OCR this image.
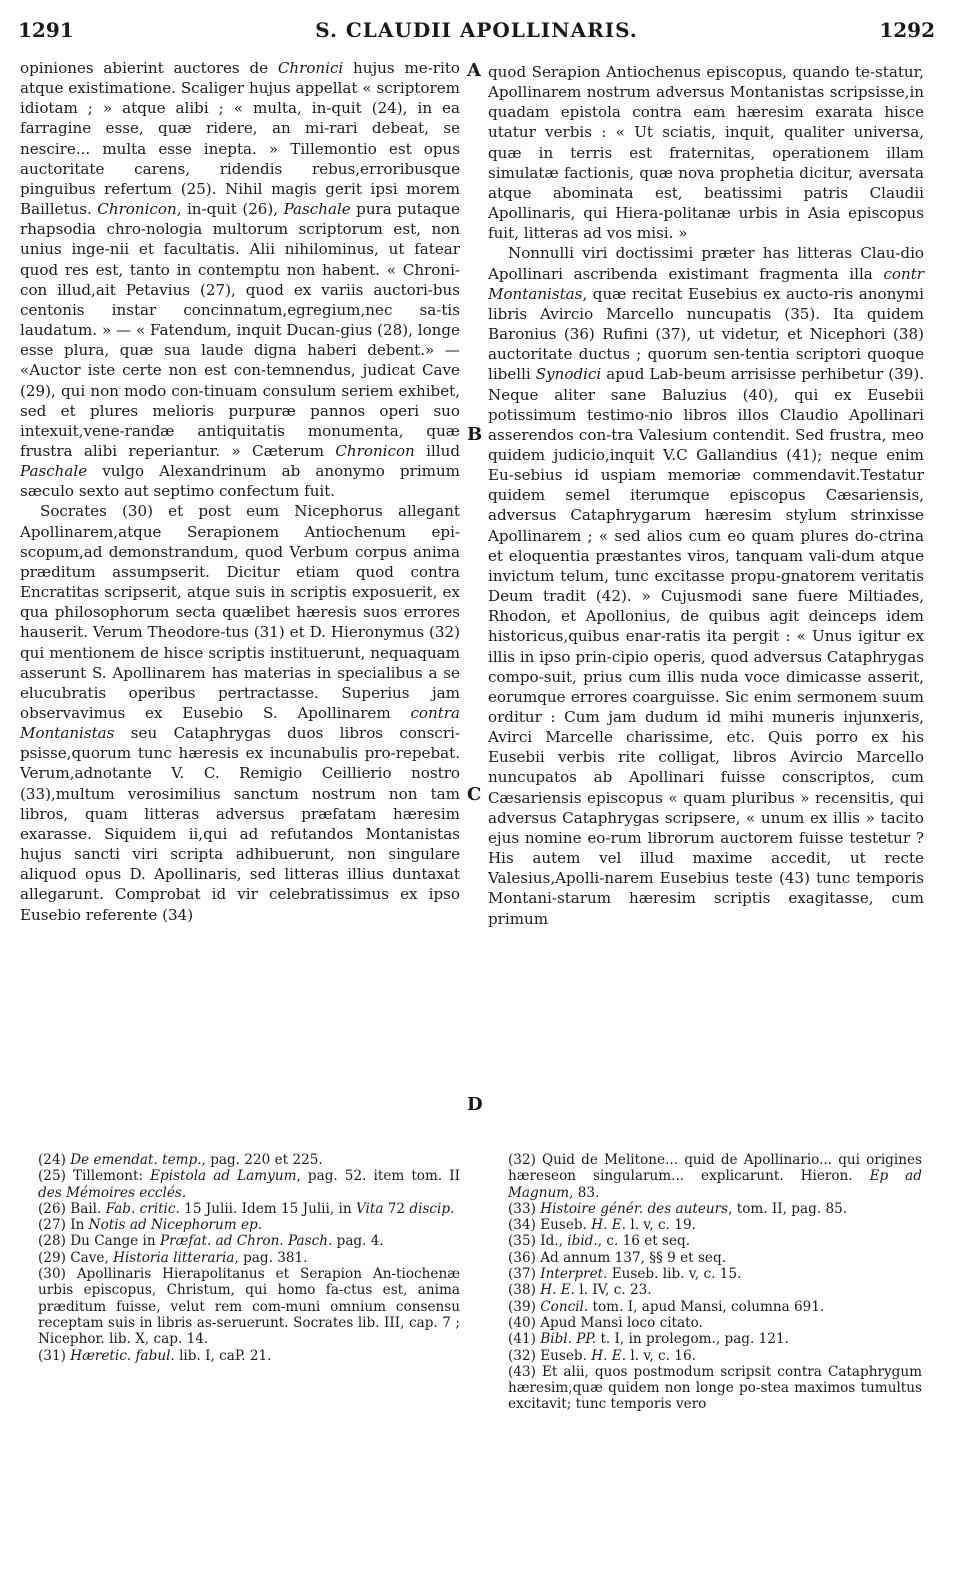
1291	S. CLAUDII APOLLINARIS.	1292
A
B
C
D

opiniones abierint auctores de Chronici hujus me-rito atque existimatione. Scaliger hujus appellat « scriptorem idiotam ; » atque alibi ; « multa, in-quit (24), in ea farragine esse, quæ ridere, an mi-rari debeat, se nescire... multa esse inepta. » Tillemontio est opus auctoritate carens, ridendis rebus,erroribusque pinguibus refertum (25). Nihil magis gerit ipsi morem Bailletus. Chronicon, in-quit (26), Paschale pura putaque rhapsodia chro-nologia multorum scriptorum est, non unius inge-nii et facultatis. Alii nihilominus, ut fatear quod res est, tanto in contemptu non habent. « Chroni-con illud,ait Petavius (27), quod ex variis auctori-bus centonis instar concinnatum,egregium,nec sa-tis laudatum. » — « Fatendum, inquit Ducan-gius (28), longe esse plura, quæ sua laude digna haberi debent.» — «Auctor iste certe non est con-temnendus, judicat Cave (29), qui non modo con-tinuam consulum seriem exhibet, sed et plures melioris purpuræ pannos operi suo intexuit,vene-randæ antiquitatis monumenta, quæ frustra alibi reperiantur. » Cæterum Chronicon illud Paschale vulgo Alexandrinum ab anonymo primum sæculo sexto aut septimo confectum fuit.

Socrates (30) et post eum Nicephorus allegant Apollinarem,atque Serapionem Antiochenum epi-scopum,ad demonstrandum, quod Verbum corpus anima præditum assumpserit. Dicitur etiam quod contra Encratitas scripserit, atque suis in scriptis exposuerit, ex qua philosophorum secta quælibet hæresis suos errores hauserit. Verum Theodore-tus (31) et D. Hieronymus (32) qui mentionem de hisce scriptis instituerunt, nequaquam asserunt S. Apollinarem has materias in specialibus a se elucubratis operibus pertractasse. Superius jam observavimus ex Eusebio S. Apollinarem contra Montanistas seu Cataphrygas duos libros conscri-psisse,quorum tunc hæresis ex incunabulis pro-repebat. Verum,adnotante V. C. Remigio Ceillierio nostro (33),multum verosimilius sanctum nostrum non tam libros, quam litteras adversus præfatam hæresim exarasse. Siquidem ii,qui ad refutandos Montanistas hujus sancti viri scripta adhibuerunt, non singulare aliquod opus D. Apollinaris, sed litteras illius duntaxat allegarunt. Comprobat id vir celebratissimus ex ipso Eusebio referente (34)

quod Serapion Antiochenus episcopus, quando te-statur, Apollinarem nostrum adversus Montanistas scripsisse,in quadam epistola contra eam hæresim exarata hisce utatur verbis : « Ut sciatis, inquit, qualiter universa, quæ in terris est fraternitas, operationem illam simulatæ factionis, quæ nova prophetia dicitur, aversata atque abominata est, beatissimi patris Claudii Apollinaris, qui Hiera-politanæ urbis in Asia episcopus fuit, litteras ad vos misi. »

Nonnulli viri doctissimi præter has litteras Clau-dio Apollinari ascribenda existimant fragmenta illa contr Montanistas, quæ recitat Eusebius ex aucto-ris anonymi libris Avircio Marcello nuncupatis (35). Ita quidem Baronius (36) Rufini (37), ut videtur, et Nicephori (38) auctoritate ductus ; quorum sen-tentia scriptori quoque libelli Synodici apud Lab-beum arrisisse perhibetur (39). Neque aliter sane Baluzius (40), qui ex Eusebii potissimum testimo-nio libros illos Claudio Apollinari asserendos con-tra Valesium contendit. Sed frustra, meo quidem judicio,inquit V.C Gallandius (41); neque enim Eu-sebius id uspiam memoriæ commendavit.Testatur quidem semel iterumque episcopus Cæsariensis, adversus Cataphrygarum hæresim stylum strinxisse Apollinarem ; « sed alios cum eo quam plures do-ctrina et eloquentia præstantes viros, tanquam vali-dum atque invictum telum, tunc excitasse propu-gnatorem veritatis Deum tradit (42). » Cujusmodi sane fuere Miltiades, Rhodon, et Apollonius, de quibus agit deinceps idem historicus,quibus enar-ratis ita pergit : « Unus igitur ex illis in ipso prin-cipio operis, quod adversus Cataphrygas compo-suit, prius cum illis nuda voce dimicasse asserit, eorumque errores coarguisse. Sic enim sermonem suum orditur : Cum jam dudum id mihi muneris injunxeris, Avirci Marcelle charissime, etc. Quis porro ex his Eusebii verbis rite colligat, libros Avircio Marcello nuncupatos ab Apollinari fuisse conscriptos, cum Cæsariensis episcopus « quam pluribus » recensitis, qui adversus Cataphrygas scripsere, « unum ex illis » tacito ejus nomine eo-rum librorum auctorem fuisse testetur ? His autem vel illud maxime accedit, ut recte Valesius,Apolli-narem Eusebius teste (43) tunc temporis Montani-starum hæresim scriptis exagitasse, cum primum

(24) De emendat. temp., pag. 220 et 225.

(25) Tillemont: Epistola ad Lamyum, pag. 52. item tom. II des Mémoires ecclés.

(26) Bail. Fab. critic. 15 Julii. Idem 15 Julii, in Vita 72 discip.

(27) In Notis ad Nicephorum ep.

(28) Du Cange in Præfat. ad Chron. Pasch. pag. 4.

(29) Cave, Historia litteraria, pag. 381.

(30) Apollinaris Hierapolitanus et Serapion An-tiochenæ urbis episcopus, Christum, qui homo fa-ctus est, anima præditum fuisse, velut rem com-muni omnium consensu receptam suis in libris as-seruerunt. Socrates lib. III, cap. 7 ; Nicephor. lib. X, cap. 14.

(31) Hæretic. fabul. lib. I, caP. 21.

(32) Quid de Melitone... quid de Apollinario... qui origines hæreseon singularum... explicarunt. Hieron. Ep ad Magnum, 83.

(33) Histoire génér. des auteurs, tom. II, pag. 85.

(34) Euseb. H. E. l. v, c. 19.

(35) Id., ibid., c. 16 et seq.

(36) Ad annum 137, §§ 9 et seq.

(37) Interpret. Euseb. lib. v, c. 15.

(38) H. E. l. IV, c. 23.

(39) Concil. tom. I, apud Mansi, columna 691.

(40) Apud Mansi loco citato.

(41) Bibl. PP. t. I, in prolegom., pag. 121.

(32) Euseb. H. E. l. v, c. 16.

(43) Et alii, quos postmodum scripsit contra Cataphrygum hæresim,quæ quidem non longe po-stea maximos tumultus excitavit; tunc temporis vero
